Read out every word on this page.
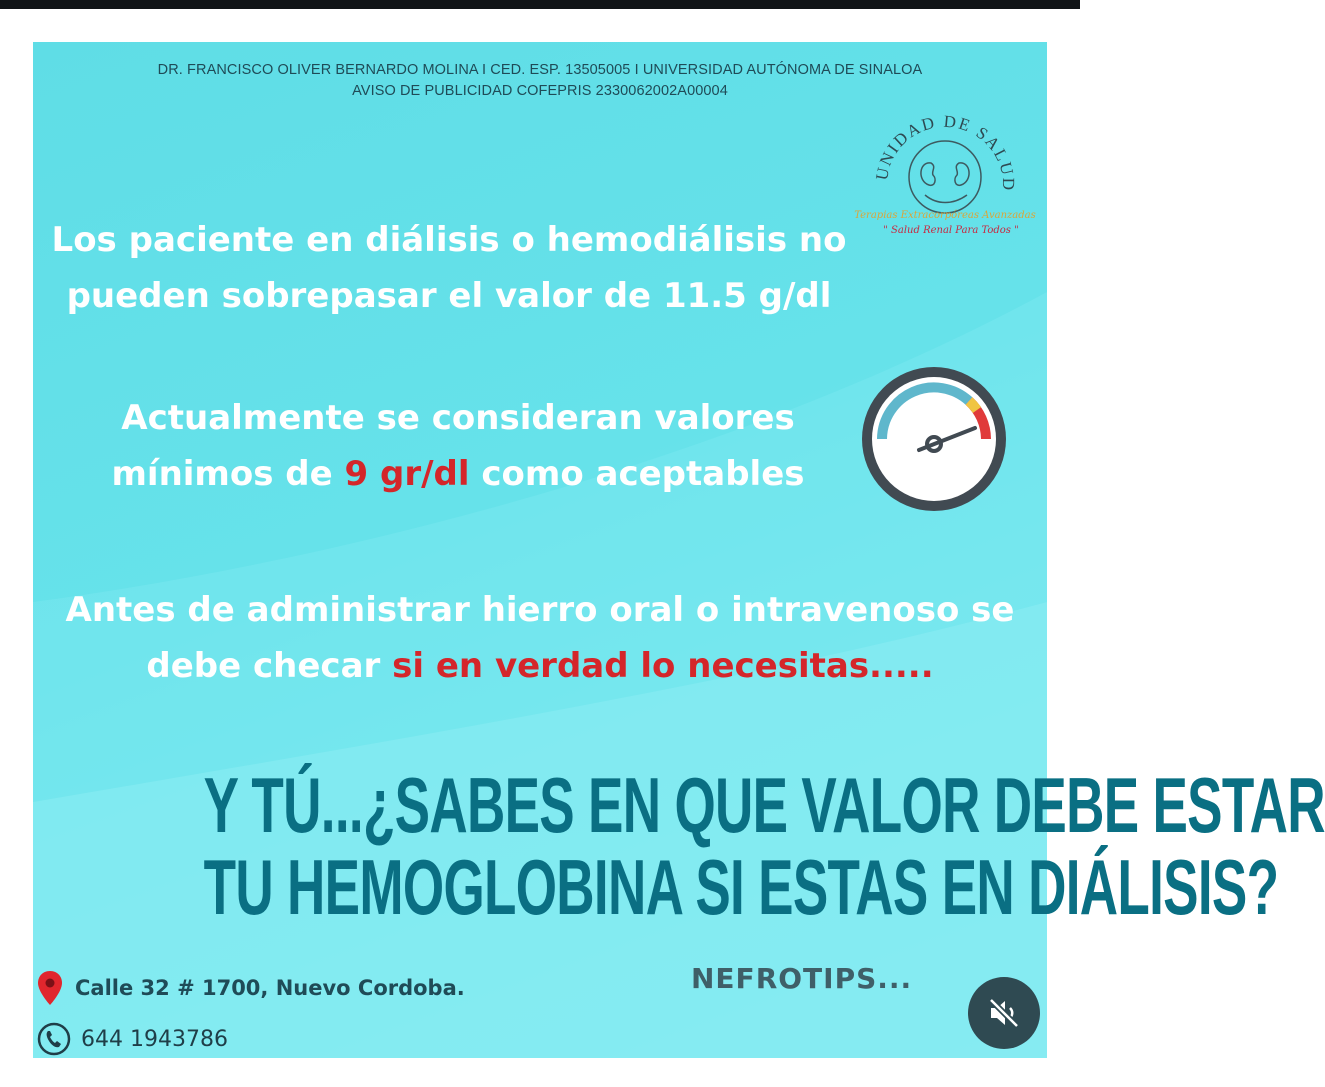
DR. FRANCISCO OLIVER BERNARDO MOLINA I CED. ESP. 13505005 I UNIVERSIDAD AUTÓNOMA DE SINALOA
AVISO DE PUBLICIDAD COFEPRIS 2330062002A00004
UNIDAD DE SALUD
Terapias Extracorpóreas Avanzadas
" Salud Renal Para Todos "
Los paciente en diálisis o hemodiálisis no
pueden sobrepasar el valor de 11.5 g/dl
Actualmente se consideran valores
mínimos de 9 gr/dl como aceptables
Antes de administrar hierro oral o intravenoso se
debe checar si en verdad lo necesitas.....
Y TÚ...¿SABES EN QUE VALOR DEBE ESTAR
TU HEMOGLOBINA SI ESTAS EN DIÁLISIS?
Calle 32 # 1700, Nuevo Cordoba.
644 1943786
NEFROTIPS...
